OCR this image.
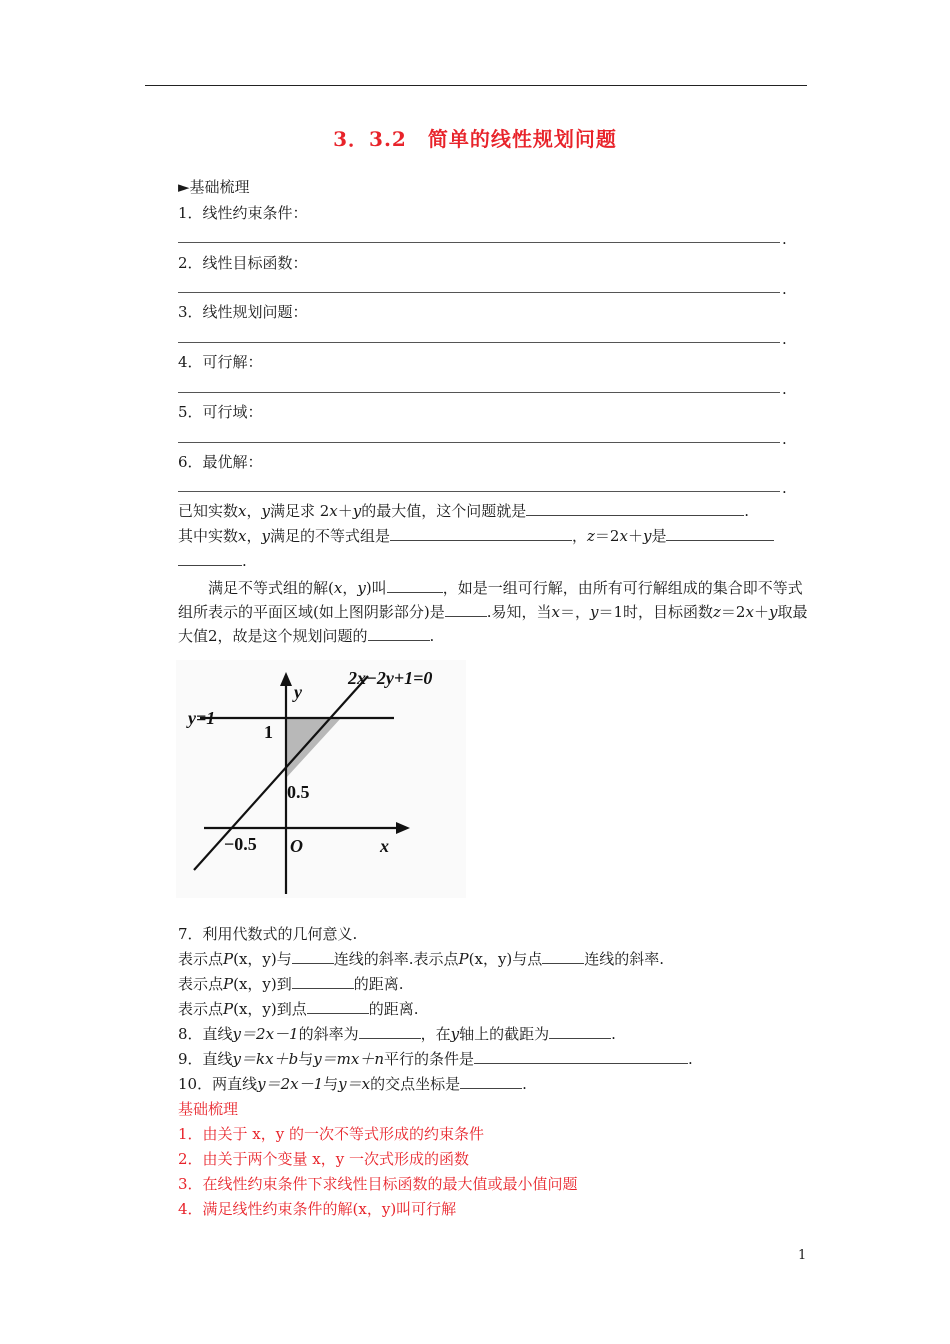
3．3.2　简单的线性规划问题
►基础梳理
1．线性约束条件：
.
2．线性目标函数：
.
3．线性规划问题：
.
4．可行解：
.
5．可行域：
.
6．最优解：
.
已知实数x，y满足求 2x＋y的最大值，这个问题就是	.
其中实数x，y满足的不等式组是	，z＝2x＋y是
.
满足不等式组的解(x，y)叫	，如是一组可行解，由所有可行解组成的集合即不等式组所表示的平面区域(如上图阴影部分)是	.易知，当x＝，y＝1时，目标函数z＝2x＋y取最大值2，故是这个规划问题的	.
2x−2y+1=0
y=1
y
1
0.5
−0.5 O	x
7．利用代数式的几何意义.
表示点P(x，y)与	连线的斜率.表示点P(x，y)与点	连线的斜率.
表示点P(x，y)到	的距离.
表示点P(x，y)到点	的距离.
8．直线y＝2x－1的斜率为	，在y轴上的截距为	.
9．直线y＝kx＋b与y＝mx＋n平行的条件是	.
10．两直线y＝2x－1与y＝x的交点坐标是	.
基础梳理
1．由关于 x，y 的一次不等式形成的约束条件
2．由关于两个变量 x，y 一次式形成的函数
3．在线性约束条件下求线性目标函数的最大值或最小值问题
4．满足线性约束条件的解(x，y)叫可行解
1
